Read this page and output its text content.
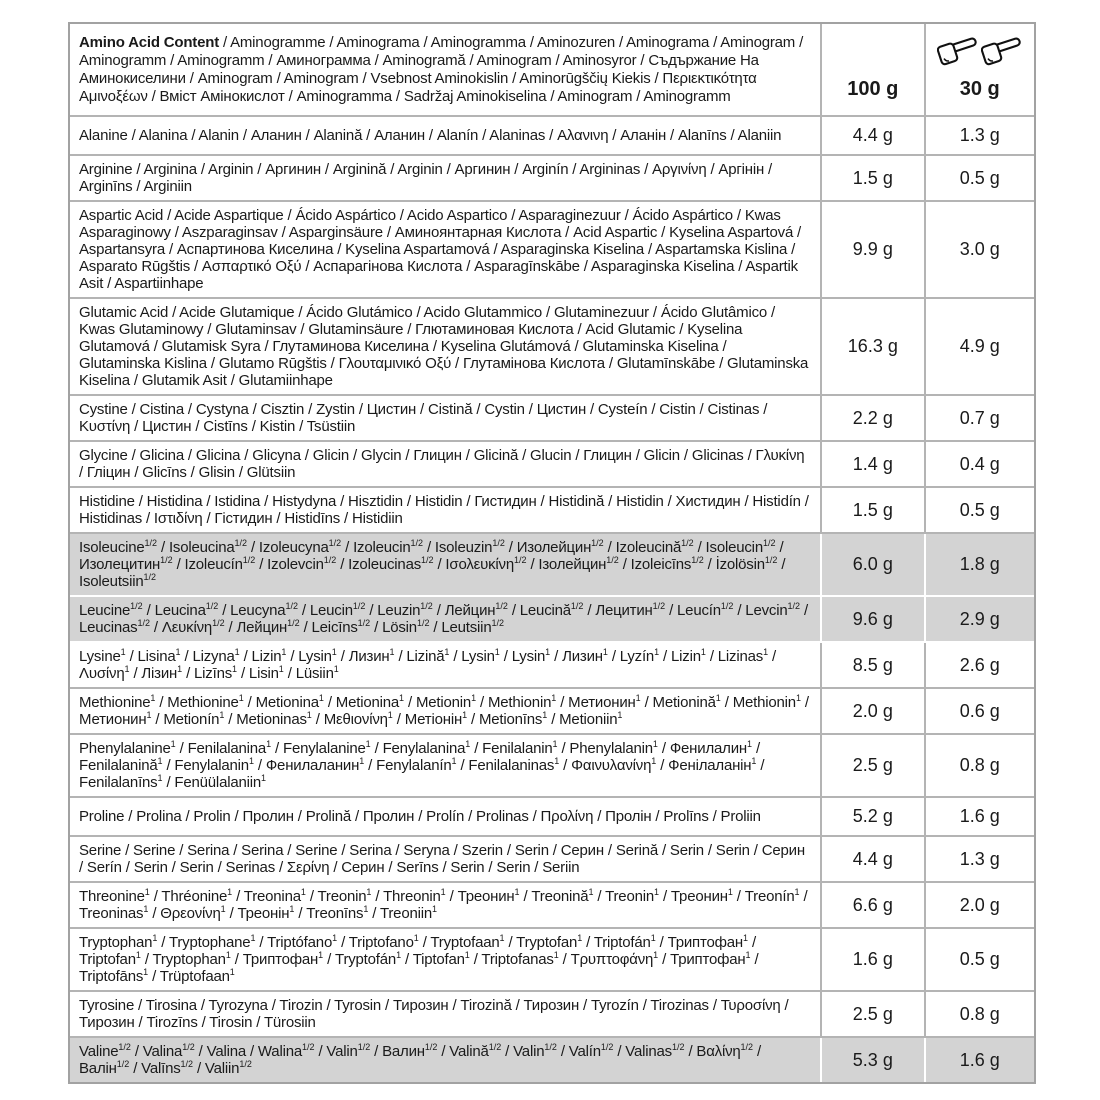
Amino Acid Content / Aminogramme / Aminograma / Aminogramma / Aminozuren / Aminograma / Aminogram / Aminogramm / Aminogramm / Аминограмма / Aminogramă / Aminogram / Aminosyror / Съдържание На Аминокиселини / Aminogram / Aminogram / Vsebnost Aminokislin / Aminorūgščių Kiekis / Περιεκτικότητα Αμινοξέων / Вміст Амінокислот / Aminogramma / Sadržaj Aminokiselina / Aminogram / Aminogramm	100 g	30 g

Alanine / Alanina / Alanin / Аланин / Alanină / Аланин / Alanín / Alaninas / Αλανινη / Аланін / Alanīns / Alaniin	4.4 g	1.3 g
Arginine / Arginina / Arginin / Аргинин / Arginină / Arginin / Аргинин / Arginín / Argininas / Αργινίνη / Аргінін / Arginīns / Arginiin	1.5 g	0.5 g
Aspartic Acid / Acide Aspartique / Ácido Aspártico / Acido Aspartico / Asparaginezuur / Ácido Aspártico / Kwas Asparaginowy / Aszparaginsav / Asparginsäure / Аминоянтарная Кислота / Acid Aspartic / Kyselina Aspartová / Aspartansyra / Аспартинова Киселина / Kyselina Aspartamová / Asparaginska Kiselina / Aspartamska Kislina / Asparato Rūgštis / Ασπαρτικό Οξύ / Аспарагінова Кислота / Asparagīnskābe / Asparaginska Kiselina / Aspartik Asit / Aspartiinhape	9.9 g	3.0 g
Glutamic Acid / Acide Glutamique / Ácido Glutámico / Acido Glutammico / Glutaminezuur / Ácido Glutâmico / Kwas Glutaminowy / Glutaminsav / Glutaminsäure / Глютаминовая Кислота / Acid Glutamic / Kyselina Glutamová / Glutamisk Syra / Глутаминова Киселина / Kyselina Glutámová / Glutaminska Kiselina / Glutaminska Kislina / Glutamo Rūgštis / Γλουταμινικό Οξύ / Глутамінова Кислота / Glutamīnskābe / Glutaminska Kiselina / Glutamik Asit / Glutamiinhape	16.3 g	4.9 g
Cystine / Cistina / Cystyna / Cisztin / Zystin / Цистин / Cistină / Cystin / Цистин / Cysteín / Cistin / Cistinas / Κυστίνη / Цистин / Cistīns / Kistin / Tsüstiin	2.2 g	0.7 g
Glycine / Glicina / Glicina / Glicyna / Glicin / Glycin / Глицин / Glicină / Glucin / Глицин / Glicin / Glicinas / Γλυκίνη / Гліцин / Glicīns / Glisin / Glütsiin	1.4 g	0.4 g
Histidine / Histidina / Istidina / Histydyna / Hisztidin / Histidin / Гистидин / Histidină / Histidin / Хистидин / Histidín / Histidinas / Ιστιδίνη / Гістидин / Histidīns / Histidiin	1.5 g	0.5 g
Isoleucine$^{1/2}$ / Isoleucina$^{1/2}$ / Izoleucyna$^{1/2}$ / Izoleucin$^{1/2}$ / Isoleuzin$^{1/2}$ / Изолейцин$^{1/2}$ / Izoleucină$^{1/2}$ / Isoleucin$^{1/2}$ / Изолецитин$^{1/2}$ / Izoleucín$^{1/2}$ / Izolevcin$^{1/2}$ / Izoleucinas$^{1/2}$ / Ισολευκίνη$^{1/2}$ / Ізолейцин$^{1/2}$ / Izoleicīns$^{1/2}$ / İzolösin$^{1/2}$ / Isoleutsiin$^{1/2}$	6.0 g	1.8 g
Leucine$^{1/2}$ / Leucina$^{1/2}$ / Leucyna$^{1/2}$ / Leucin$^{1/2}$ / Leuzin$^{1/2}$ / Лейцин$^{1/2}$ / Leucină$^{1/2}$ / Лецитин$^{1/2}$ / Leucín$^{1/2}$ / Levcin$^{1/2}$ / Leucinas$^{1/2}$ / Λευκίνη$^{1/2}$ / Лейцин$^{1/2}$ / Leicīns$^{1/2}$ / Lösin$^{1/2}$ / Leutsiin$^{1/2}$	9.6 g	2.9 g
Lysine$^1$ / Lisina$^1$ / Lizyna$^1$ / Lizin$^1$ / Lysin$^1$ / Лизин$^1$ / Lizină$^1$ / Lysin$^1$ / Lysin$^1$ / Лизин$^1$ / Lyzín$^1$ / Lizin$^1$ / Lizinas$^1$ / Λυσίνη$^1$ / Лізин$^1$ / Lizīns$^1$ / Lisin$^1$ / Lüsiin$^1$	8.5 g	2.6 g
Methionine$^1$ / Methionine$^1$ / Metionina$^1$ / Metionina$^1$ / Metionin$^1$ / Methionin$^1$ / Метионин$^1$ / Metionină$^1$ / Methionin$^1$ / Метионин$^1$ / Metionín$^1$ / Metioninas$^1$ / Μεθιονίνη$^1$ / Метіонін$^1$ / Metionīns$^1$ / Metioniin$^1$	2.0 g	0.6 g
Phenylalanine$^1$ / Fenilalanina$^1$ / Fenylalanine$^1$ / Fenylalanina$^1$ / Fenilalanin$^1$ / Phenylalanin$^1$ / Фенилалин$^1$ / Fenilalanină$^1$ / Fenylalanin$^1$ / Фенилаланин$^1$ / Fenylalanín$^1$ / Fenilalaninas$^1$ / Φαινυλανίνη$^1$ / Фенілаланін$^1$ / Fenilalanīns$^1$ / Fenüülalaniin$^1$	2.5 g	0.8 g
Proline / Prolina / Prolin / Пролин / Prolină / Пролин / Prolín / Prolinas / Προλίνη / Пролін / Prolīns / Proliin	5.2 g	1.6 g
Serine / Serine / Serina / Serina / Serine / Serina / Seryna / Szerin / Serin / Серин / Serină / Serin / Serin / Серин / Serín / Serin / Serin / Serinas / Σερίνη / Серин / Serīns / Serin / Serin / Seriin	4.4 g	1.3 g
Threonine$^1$ / Thréonine$^1$ / Treonina$^1$ / Treonin$^1$ / Threonin$^1$ / Треонин$^1$ / Treonină$^1$ / Treonin$^1$ / Треонин$^1$ / Treonín$^1$ / Treoninas$^1$ / Θρεονίνη$^1$ / Треонін$^1$ / Treonīns$^1$ / Treoniin$^1$	6.6 g	2.0 g
Tryptophan$^1$ / Tryptophane$^1$ / Triptófano$^1$ / Triptofano$^1$ / Tryptofaan$^1$ / Tryptofan$^1$ / Triptofán$^1$ / Триптофан$^1$ / Triptofan$^1$ / Tryptophan$^1$ / Триптофан$^1$ / Tryptofán$^1$ / Tiptofan$^1$ / Triptofanas$^1$ / Τρυπτοφάνη$^1$ / Триптофан$^1$ / Triptofāns$^1$ / Trüptofaan$^1$	1.6 g	0.5 g
Tyrosine / Tirosina / Tyrozyna / Tirozin / Tyrosin / Тирозин / Tirozină / Тирозин / Tyrozín / Tirozinas / Τυροσίνη / Тирозин / Tirozīns / Tirosin / Türosiin	2.5 g	0.8 g
Valine$^{1/2}$ / Valina$^{1/2}$ / Valina / Walina$^{1/2}$ / Valin$^{1/2}$ / Валин$^{1/2}$ / Valină$^{1/2}$ / Valin$^{1/2}$ / Valín$^{1/2}$ / Valinas$^{1/2}$ / Βαλίνη$^{1/2}$ / Валін$^{1/2}$ / Valīns$^{1/2}$ / Valiin$^{1/2}$	5.3 g	1.6 g
